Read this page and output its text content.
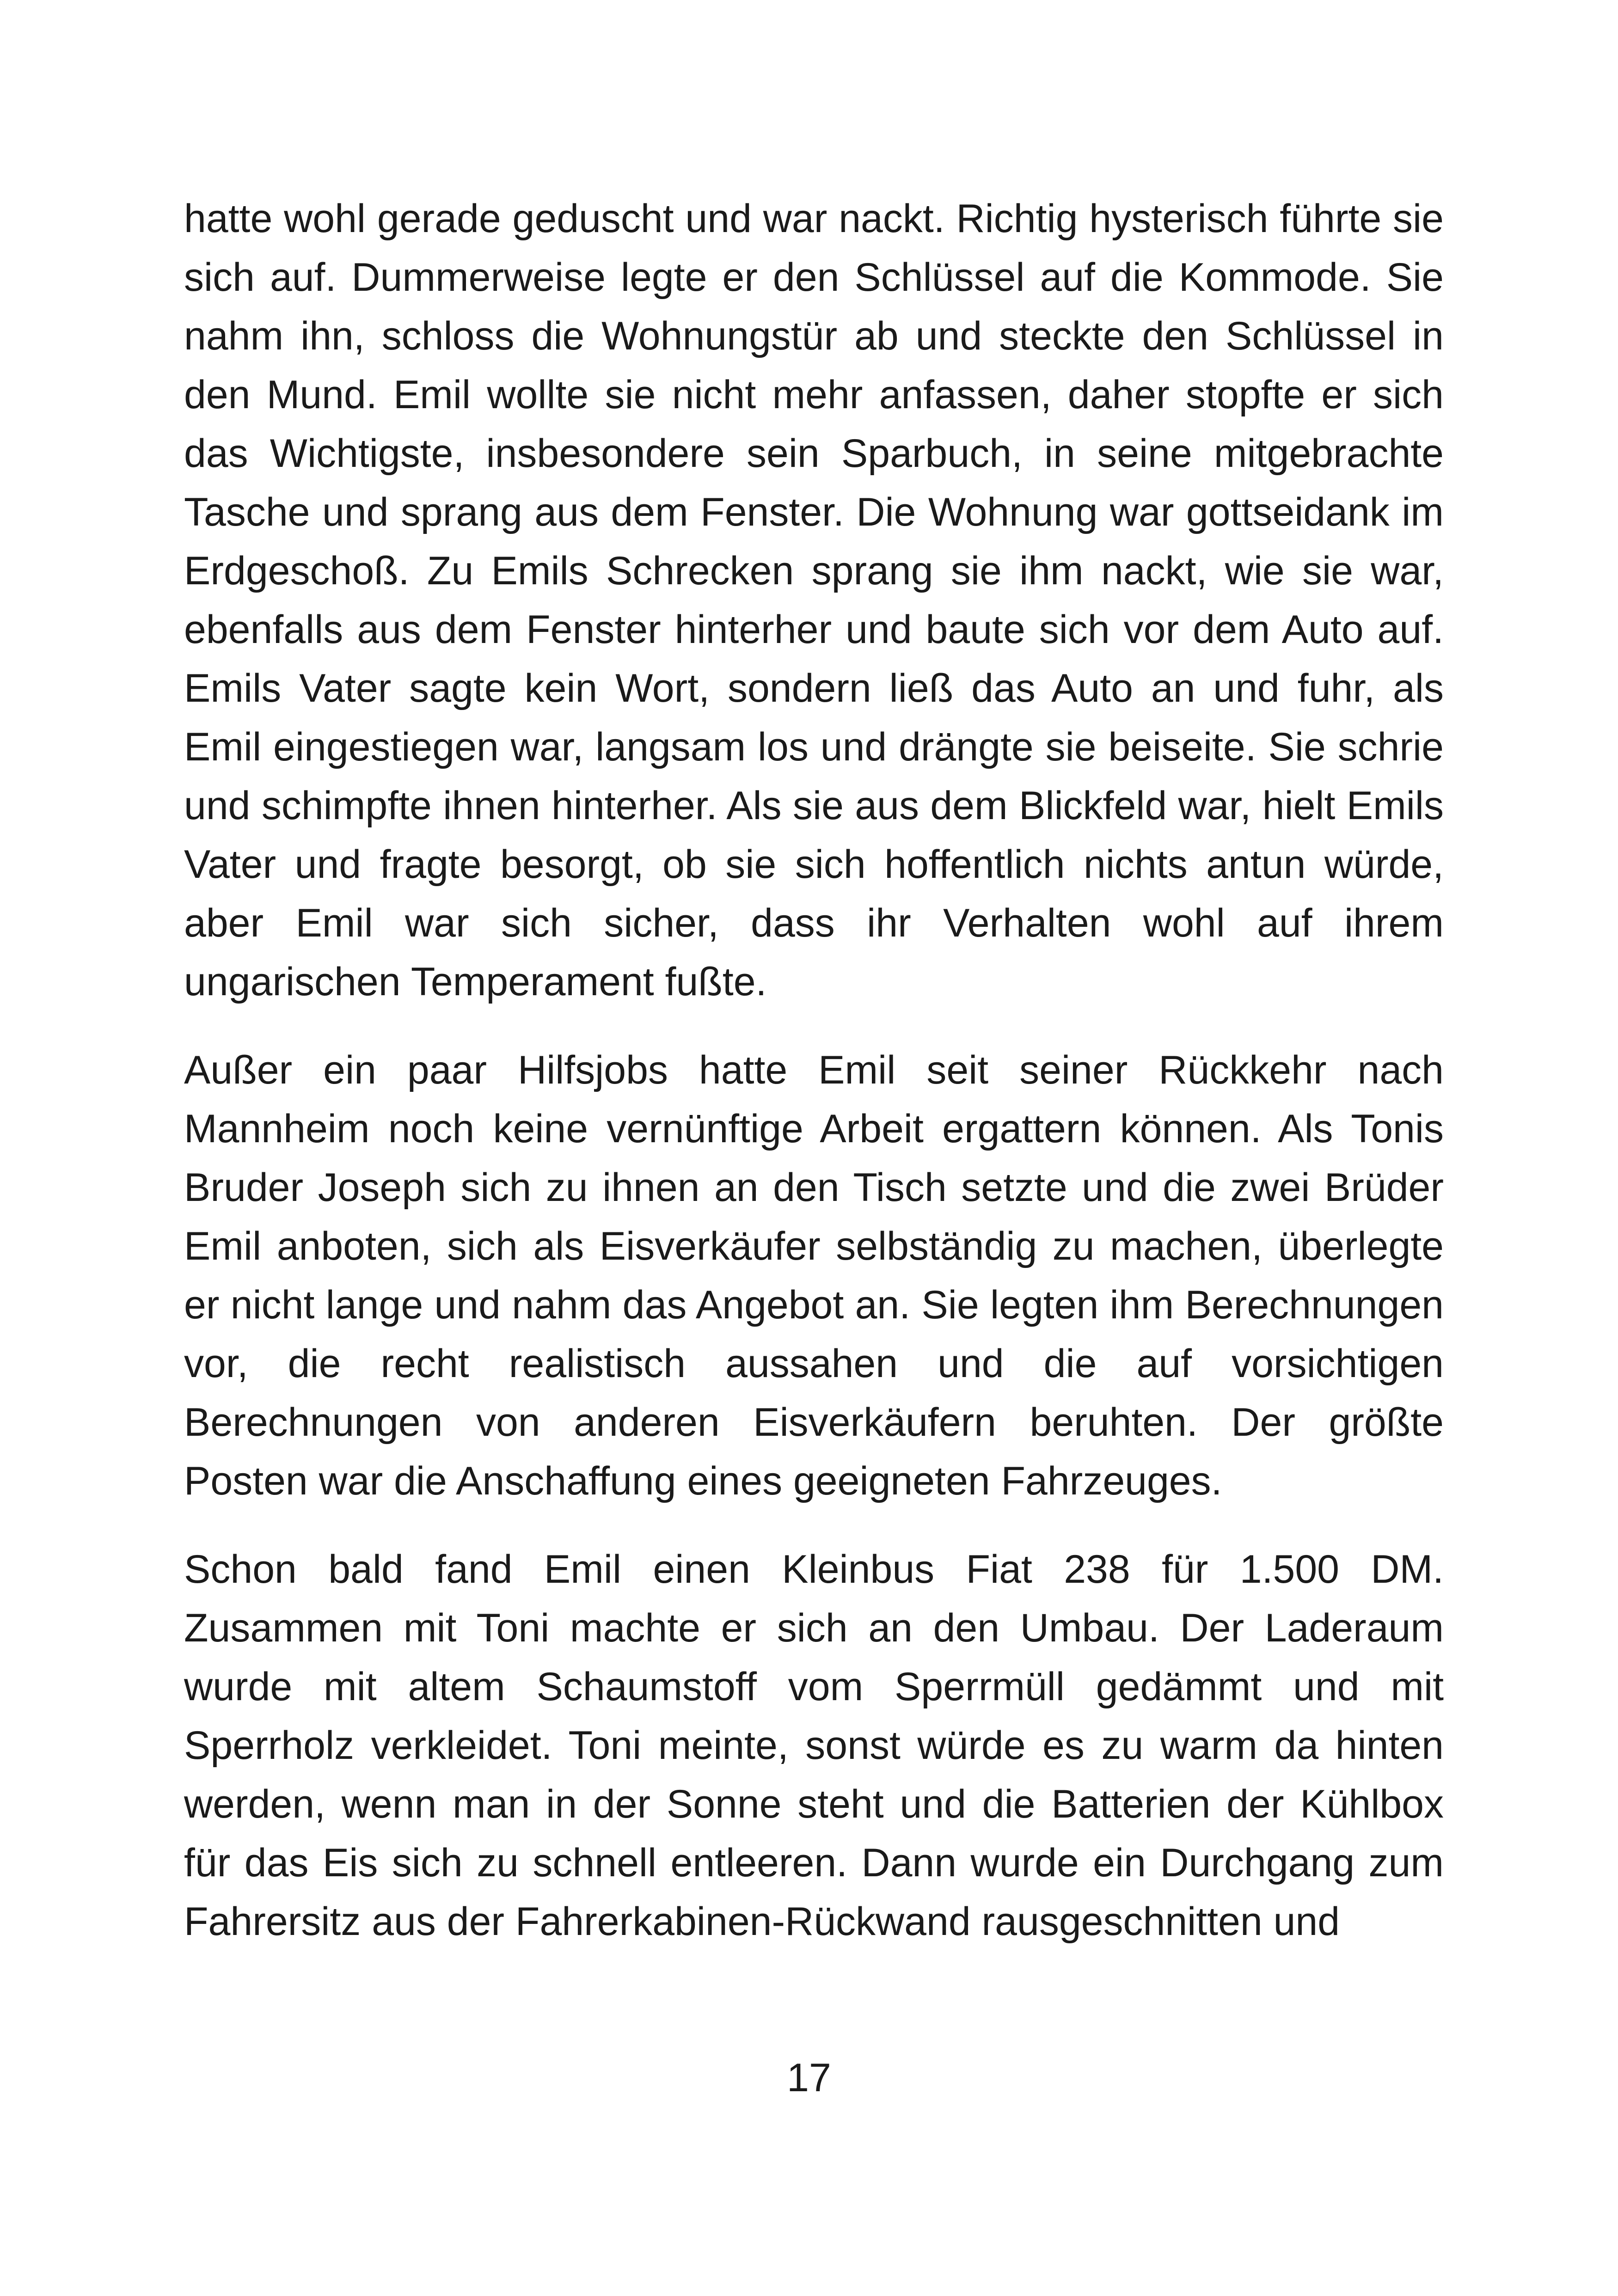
hatte wohl gerade geduscht und war nackt. Richtig hysterisch führte sie sich auf. Dummerweise legte er den Schlüssel auf die Kommode. Sie nahm ihn, schloss die Wohnungstür ab und steckte den Schlüssel in den Mund. Emil wollte sie nicht mehr anfassen, daher stopfte er sich das Wichtigste, insbesondere sein Sparbuch, in seine mitgebrachte Tasche und sprang aus dem Fenster. Die Wohnung war gottseidank im Erdgeschoß. Zu Emils Schrecken sprang sie ihm nackt, wie sie war, ebenfalls aus dem Fenster hinterher und baute sich vor dem Auto auf. Emils Vater sagte kein Wort, sondern ließ das Auto an und fuhr, als Emil eingestiegen war, langsam los und drängte sie beiseite. Sie schrie und schimpfte ihnen hinterher. Als sie aus dem Blickfeld war, hielt Emils Vater und fragte besorgt, ob sie sich hoffentlich nichts antun würde, aber Emil war sich sicher, dass ihr Verhalten wohl auf ihrem ungarischen Temperament fußte.

Außer ein paar Hilfsjobs hatte Emil seit seiner Rückkehr nach Mannheim noch keine vernünftige Arbeit ergattern können. Als Tonis Bruder Joseph sich zu ihnen an den Tisch setzte und die zwei Brüder Emil anboten, sich als Eisverkäufer selbständig zu machen, überlegte er nicht lange und nahm das Angebot an. Sie legten ihm Berechnungen vor, die recht realistisch aussahen und die auf vorsichtigen Berechnungen von anderen Eisverkäufern beruhten. Der größte Posten war die Anschaffung eines geeigneten Fahrzeuges.

Schon bald fand Emil einen Kleinbus Fiat 238 für 1.500 DM. Zusammen mit Toni machte er sich an den Umbau. Der Laderaum wurde mit altem Schaumstoff vom Sperrmüll gedämmt und mit Sperrholz verkleidet. Toni meinte, sonst würde es zu warm da hinten werden, wenn man in der Sonne steht und die Batterien der Kühlbox für das Eis sich zu schnell entleeren. Dann wurde ein Durchgang zum Fahrersitz aus der Fahrerkabinen-Rückwand rausgeschnitten und

17
